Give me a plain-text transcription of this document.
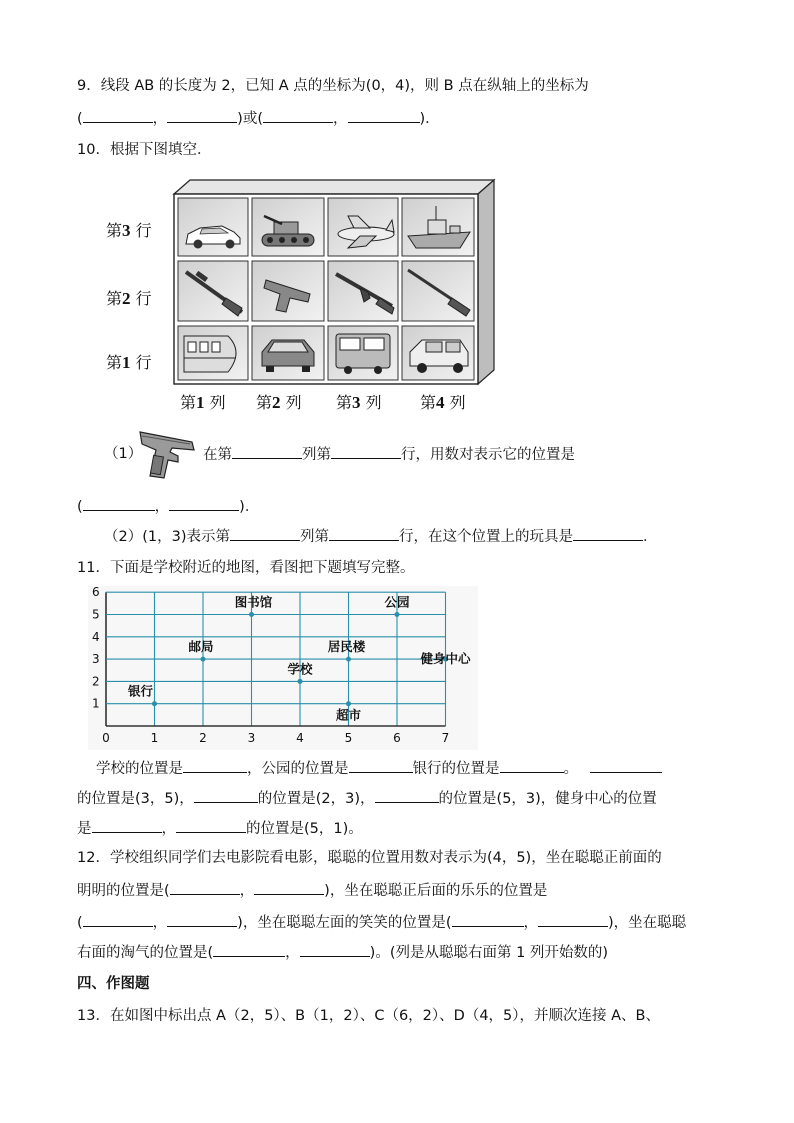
9．线段 AB 的长度为 2，已知 A 点的坐标为(0，4)，则 B 点在纵轴上的坐标为
(	，	)或(	，	)．
10．根据下图填空．
第3 行
第2 行
第1 行
第1 列 第2 列 第3 列 第4 列
（1）	在第	列第	行，用数对表示它的位置是
(	，	)．
（2）(1，3)表示第	列第	行，在这个位置上的玩具是	．
11．下面是学校附近的地图，看图把下题填写完整。
0	1	2	3	4	5	6	7
1
2
3
4
5
6
银行
邮局
图书馆
学校
居民楼
超市
公园
健身中心
学校的位置是	，公园的位置是	银行的位置是	。
的位置是(3，5)，	的位置是(2，3)，	的位置是(5，3)，健身中心的位置
是	，	的位置是(5，1)。
12．学校组织同学们去电影院看电影，聪聪的位置用数对表示为(4，5)，坐在聪聪正前面的
明明的位置是(	，	)，坐在聪聪正后面的乐乐的位置是
(	，	)，坐在聪聪左面的笑笑的位置是(	，	)，坐在聪聪
右面的淘气的位置是(	，	)。(列是从聪聪右面第 1 列开始数的)
四、作图题
13．在如图中标出点 A（2，5）、B（1，2）、C（6，2）、D（4，5），并顺次连接 A、B、
